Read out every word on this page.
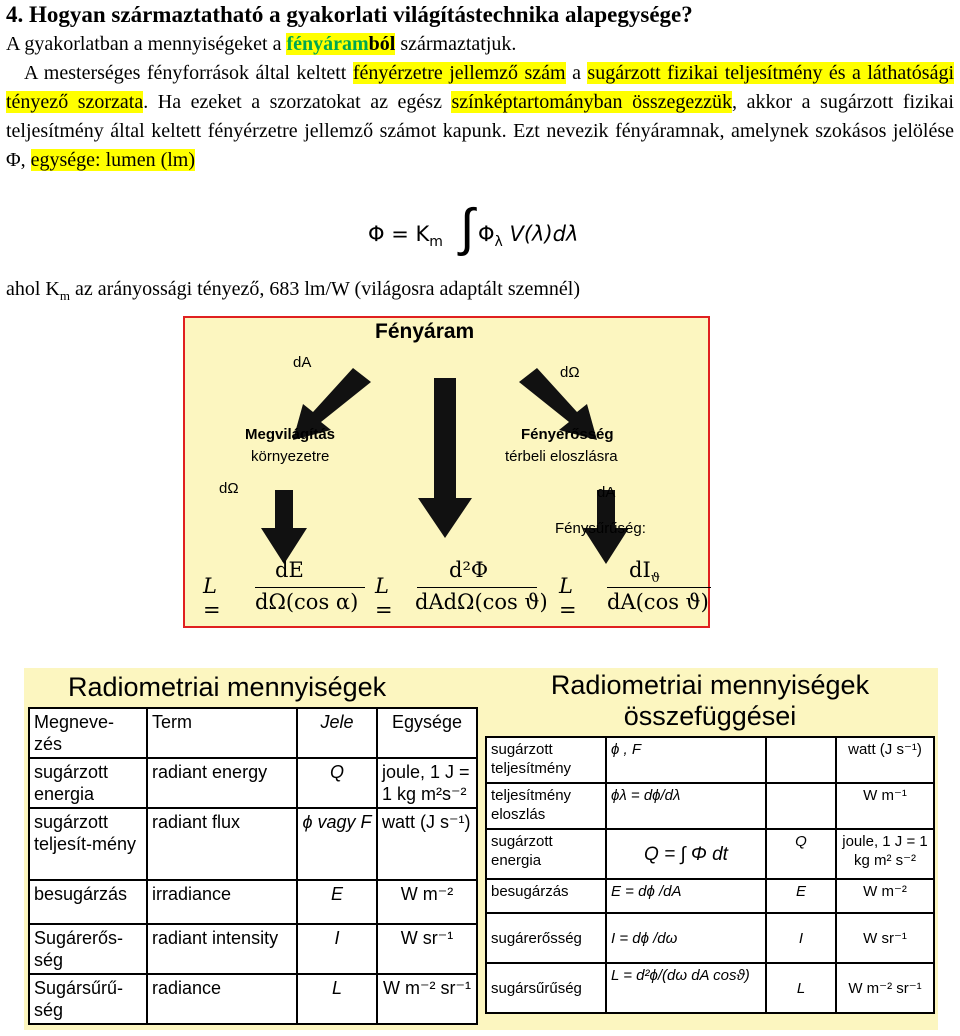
4. Hogyan származtatható a gyakorlati világítástechnika alapegysége?

A gyakorlatban a mennyiségeket a fényáramból származtatjuk.

A mesterséges fényforrások által keltett fényérzetre jellemző szám a sugárzott fizikai teljesítmény és a láthatósági tényező szorzata. Ha ezeket a szorzatokat az egész színképtartományban összegezzük, akkor a sugárzott fizikai teljesítmény által keltett fényérzetre jellemző számot kapunk. Ezt nevezik fényáramnak, amelynek szokásos jelölése Φ, egysége: lumen (lm)

$\Phi = K_m$ ∫ $\Phi_\lambda$ V(λ)dλ
ahol $K_m$ az arányossági tényező, 683 lm/W (világosra adaptált szemnél)
Fényáram
dA
dΩ
Megvilágítás
környezetre
dΩ
Fényerősség
térbeli eloszlásra
dA
Fénysűrűség:
L =
dE
dΩ(cos α)
L =
d²Φ
dAdΩ(cos ϑ)
L =
$dI_ϑ$
dA(cos ϑ)
Radiometriai mennyiségek
Megneve-zés	Term	Jele	Egysége
sugárzott energia	radiant energy	Q	joule, 1 J = 1 kg m²s⁻²
sugárzott teljesít-mény	radiant flux	ϕ vagy F	watt (J s⁻¹)
besugárzás	irradiance	E	W m⁻²
Sugárerős-ség	radiant intensity	I	W sr⁻¹
Sugársűrű-ség	radiance	L	W m⁻² sr⁻¹
Radiometriai mennyiségek összefüggései
sugárzott teljesítmény	ϕ , F		watt (J s⁻¹)
teljesítmény eloszlás	ϕλ = dϕ/dλ		W m⁻¹
sugárzott energia	Q = ∫ Φ dt	Q	joule, 1 J = 1 kg m² s⁻²
besugárzás	E = dϕ /dA	E	W m⁻²
sugárerősség	I = dϕ /dω	I	W sr⁻¹
sugársűrűség	L = d²ϕ/(dω dA cosϑ)	L	W m⁻² sr⁻¹
